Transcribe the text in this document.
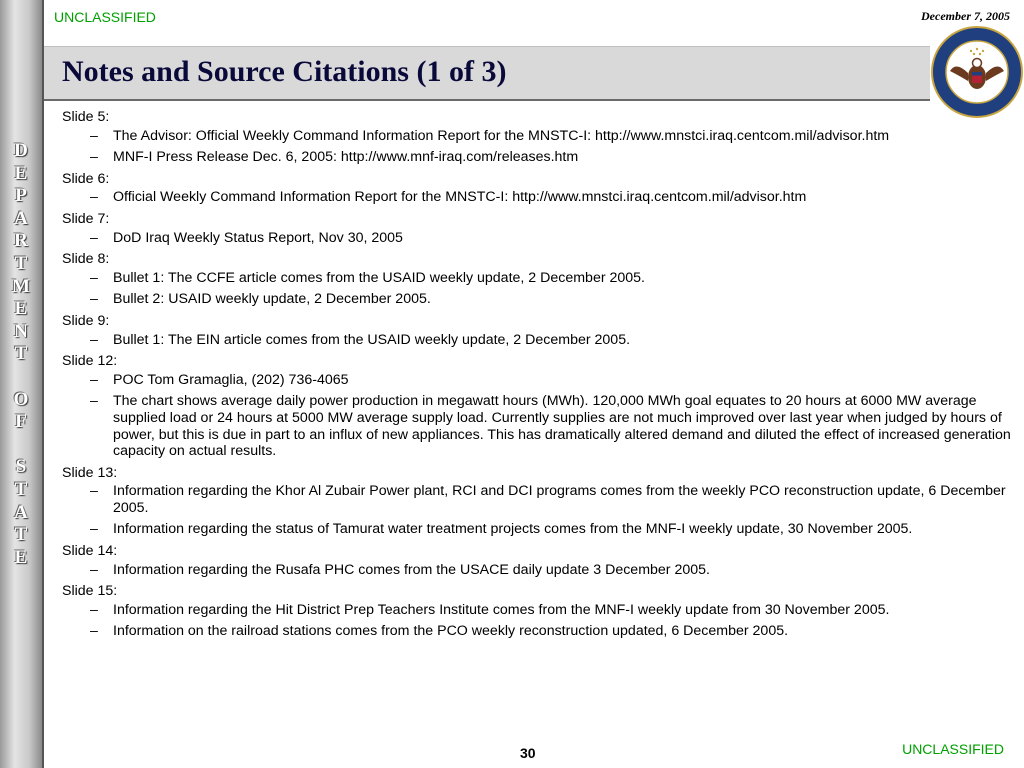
D
E
P
A
R
T
M
E
N
T
O
F
S
T
A
T
E
UNCLASSIFIED	December 7, 2005
Notes and Source Citations (1 of 3)
Slide 5:
– The Advisor: Official Weekly Command Information Report for the MNSTC-I: http://www.mnstci.iraq.centcom.mil/advisor.htm
– MNF-I Press Release Dec. 6, 2005: http://www.mnf-iraq.com/releases.htm
Slide 6:
– Official Weekly Command Information Report for the MNSTC-I: http://www.mnstci.iraq.centcom.mil/advisor.htm
Slide 7:
– DoD Iraq Weekly Status Report, Nov 30, 2005
Slide 8:
– Bullet 1: The CCFE article comes from the USAID weekly update, 2 December 2005.
– Bullet 2: USAID weekly update, 2 December 2005.
Slide 9:
– Bullet 1: The EIN article comes from the USAID weekly update, 2 December 2005.
Slide 12:
– POC Tom Gramaglia, (202) 736-4065
– The chart shows average daily power production in megawatt hours (MWh). 120,000 MWh goal equates to 20 hours at 6000 MW average supplied load or 24 hours at 5000 MW average supply load. Currently supplies are not much improved over last year when judged by hours of power, but this is due in part to an influx of new appliances. This has dramatically altered demand and diluted the effect of increased generation capacity on actual results.
Slide 13:
– Information regarding the Khor Al Zubair Power plant, RCI and DCI programs comes from the weekly PCO reconstruction update, 6 December 2005.
– Information regarding the status of Tamurat water treatment projects comes from the MNF-I weekly update, 30 November 2005.
Slide 14:
– Information regarding the Rusafa PHC comes from the USACE daily update 3 December 2005.
Slide 15:
– Information regarding the Hit District Prep Teachers Institute comes from the MNF-I weekly update from 30 November 2005.
– Information on the railroad stations comes from the PCO weekly reconstruction updated, 6 December 2005.
30	UNCLASSIFIED
